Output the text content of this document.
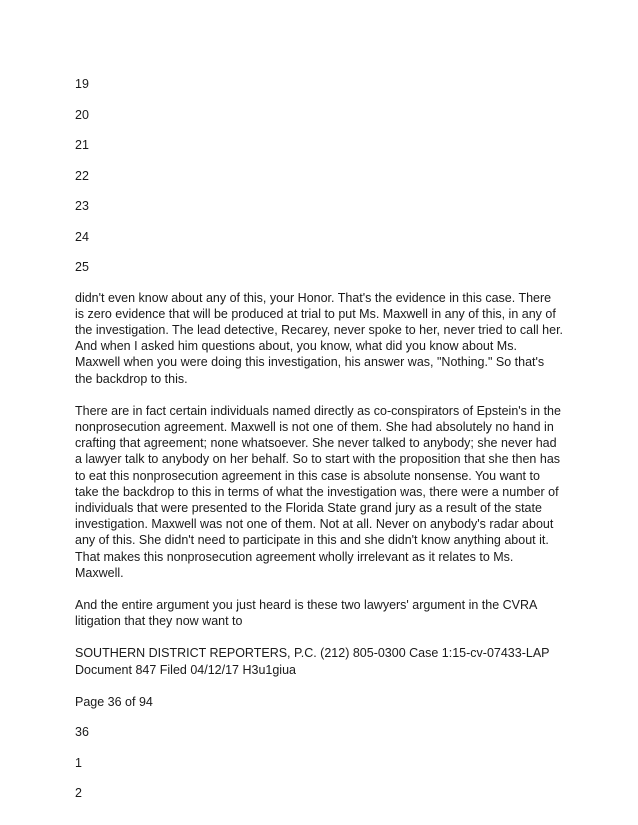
19
20
21
22
23
24
25

didn't even know about any of this, your Honor. That's the evidence in this case. There is zero evidence that will be produced at trial to put Ms. Maxwell in any of this, in any of the investigation. The lead detective, Recarey, never spoke to her, never tried to call her. And when I asked him questions about, you know, what did you know about Ms. Maxwell when you were doing this investigation, his answer was, "Nothing." So that's the backdrop to this.

There are in fact certain individuals named directly as co-conspirators of Epstein's in the nonprosecution agreement. Maxwell is not one of them. She had absolutely no hand in crafting that agreement; none whatsoever. She never talked to anybody; she never had a lawyer talk to anybody on her behalf. So to start with the proposition that she then has to eat this nonprosecution agreement in this case is absolute nonsense. You want to take the backdrop to this in terms of what the investigation was, there were a number of individuals that were presented to the Florida State grand jury as a result of the state investigation. Maxwell was not one of them. Not at all. Never on anybody's radar about any of this. She didn't need to participate in this and she didn't know anything about it. That makes this nonprosecution agreement wholly irrelevant as it relates to Ms. Maxwell.

And the entire argument you just heard is these two lawyers' argument in the CVRA litigation that they now want to

SOUTHERN DISTRICT REPORTERS, P.C. (212) 805-0300 Case 1:15-cv-07433-LAP Document 847 Filed 04/12/17 H3u1giua

Page 36 of 94
36
1
2
